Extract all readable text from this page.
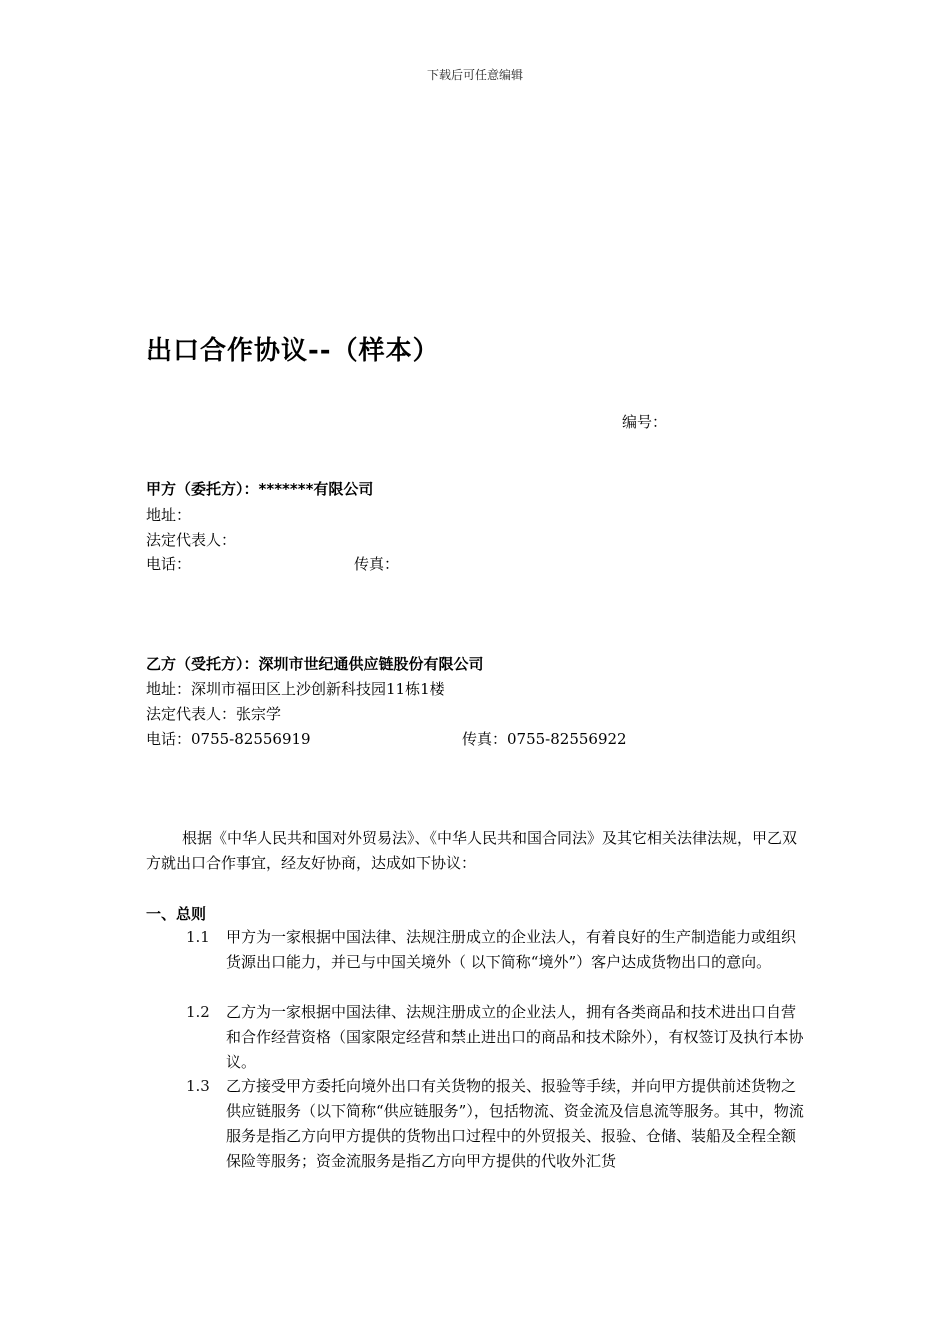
下载后可任意编辑
出口合作协议--（样本）
编号：
甲方（委托方）：*******有限公司
地址：
法定代表人：
电话：	传真：
乙方（受托方）：深圳市世纪通供应链股份有限公司
地址：深圳市福田区上沙创新科技园11栋1楼
法定代表人：张宗学
电话：0755-82556919	传真：0755-82556922
根据《中华人民共和国对外贸易法》、《中华人民共和国合同法》及其它相关法律法规，甲乙双方就出口合作事宜，经友好协商，达成如下协议：
一、总则
1.1 甲方为一家根据中国法律、法规注册成立的企业法人，有着良好的生产制造能力或组织货源出口能力，并已与中国关境外（ 以下简称“境外”）客户达成货物出口的意向。
1.2 乙方为一家根据中国法律、法规注册成立的企业法人，拥有各类商品和技术进出口自营和合作经营资格（国家限定经营和禁止进出口的商品和技术除外），有权签订及执行本协议。
1.3 乙方接受甲方委托向境外出口有关货物的报关、报验等手续，并向甲方提供前述货物之供应链服务（以下简称“供应链服务”），包括物流、资金流及信息流等服务。其中，物流服务是指乙方向甲方提供的货物出口过程中的外贸报关、报验、仓储、装船及全程全额保险等服务；资金流服务是指乙方向甲方提供的代收外汇货
